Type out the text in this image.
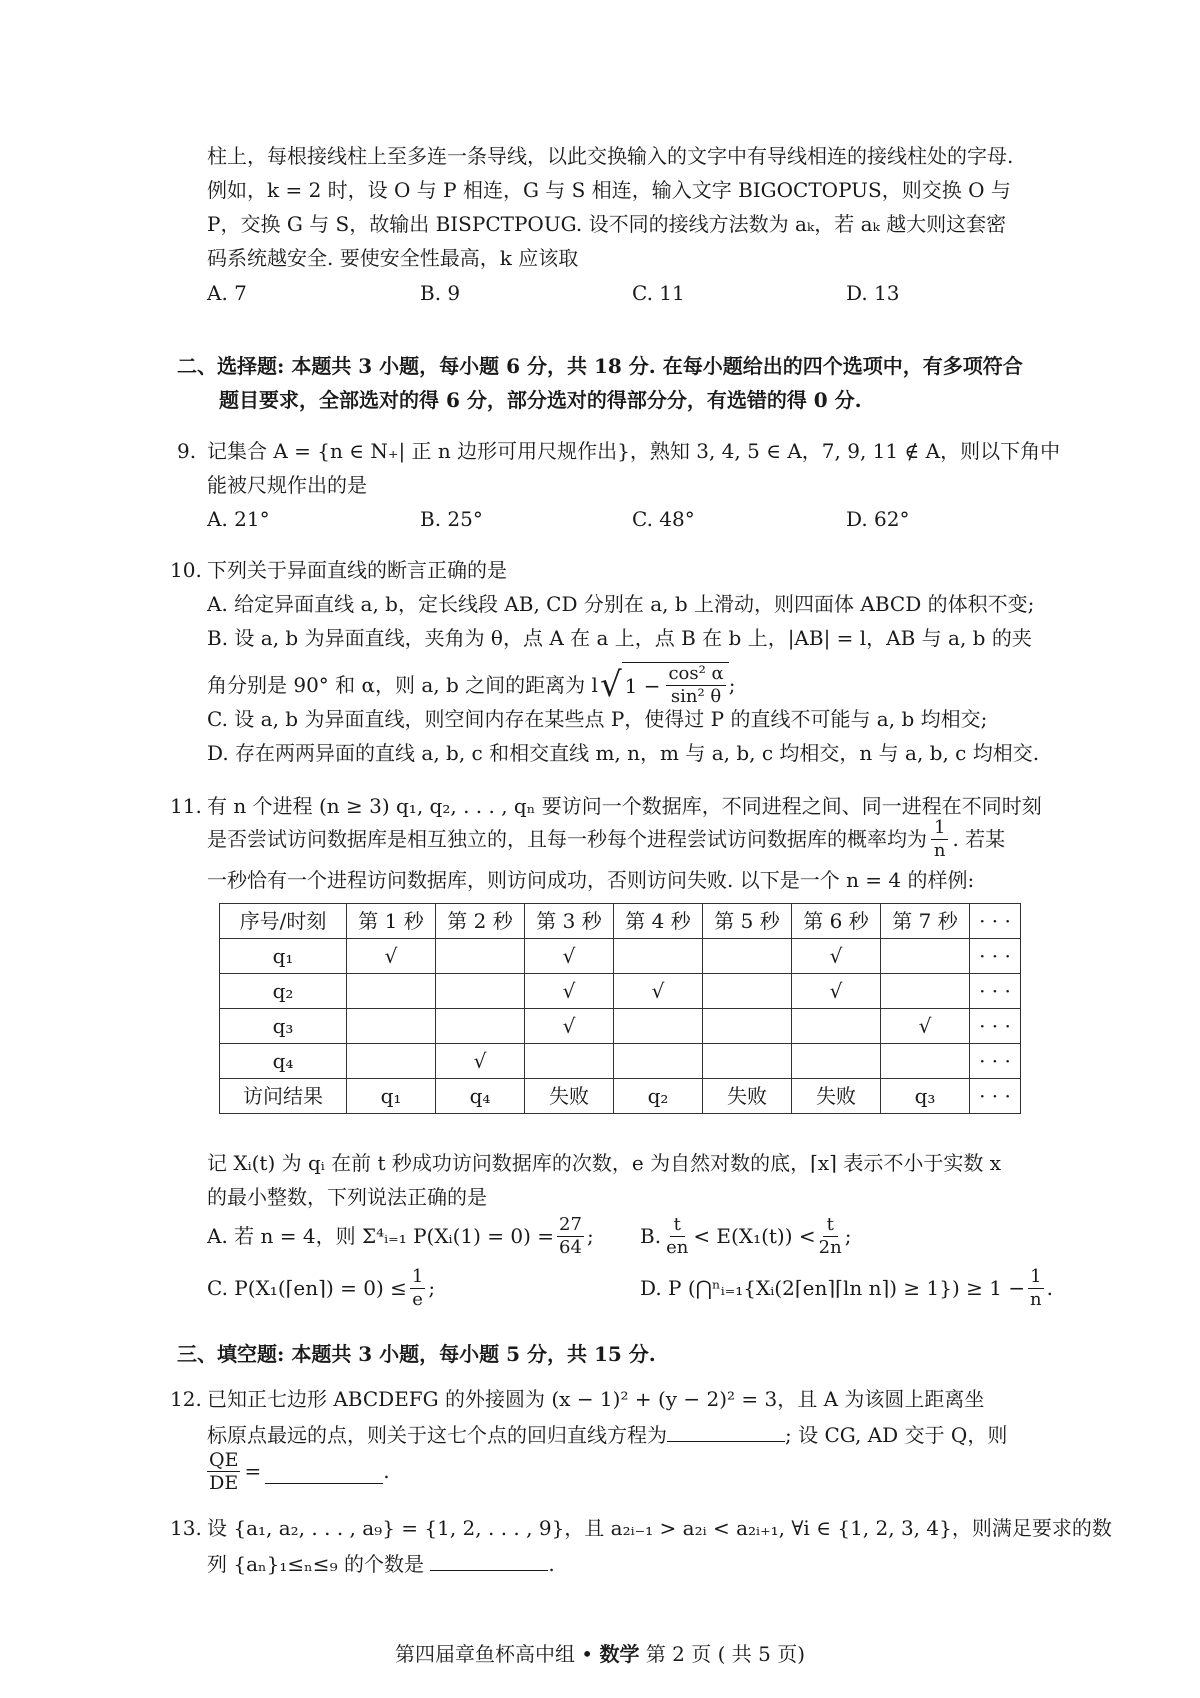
柱上，每根接线柱上至多连一条导线，以此交换输入的文字中有导线相连的接线柱处的字母.
例如，k = 2 时，设 O 与 P 相连，G 与 S 相连，输入文字 BIGOCTOPUS，则交换 O 与
P，交换 G 与 S，故输出 BISPCTPOUG. 设不同的接线方法数为 aₖ，若 aₖ 越大则这套密
码系统越安全. 要使安全性最高，k 应该取
A. 7	B. 9	C. 11	D. 13
二、选择题: 本题共 3 小题，每小题 6 分，共 18 分. 在每小题给出的四个选项中，有多项符合
题目要求，全部选对的得 6 分，部分选对的得部分分，有选错的得 0 分.
9. 记集合 A = {n ∈ N₊| 正 n 边形可用尺规作出}，熟知 3, 4, 5 ∈ A，7, 9, 11 ∉ A，则以下角中
能被尺规作出的是
A. 21°	B. 25°	C. 48°	D. 62°
10. 下列关于异面直线的断言正确的是
A. 给定异面直线 a, b，定长线段 AB, CD 分别在 a, b 上滑动，则四面体 ABCD 的体积不变;
B. 设 a, b 为异面直线，夹角为 θ，点 A 在 a 上，点 B 在 b 上，|AB| = l，AB 与 a, b 的夹
角分别是 90° 和 α，则 a, b 之间的距离为 l √ $1 - \frac{\text{cos² α}}{\text{sin² θ}}$ ;
C. 设 a, b 为异面直线，则空间内存在某些点 P，使得过 P 的直线不可能与 a, b 均相交;
D. 存在两两异面的直线 a, b, c 和相交直线 m, n，m 与 a, b, c 均相交，n 与 a, b, c 均相交.
11. 有 n 个进程 (n ≥ 3) q₁, q₂, . . . , qₙ 要访问一个数据库，不同进程之间、同一进程在不同时刻
是否尝试访问数据库是相互独立的，且每一秒每个进程尝试访问数据库的概率均为 $\frac{1}{n}$ . 若某
一秒恰有一个进程访问数据库，则访问成功，否则访问失败. 以下是一个 n = 4 的样例:
序号/时刻	第 1 秒	第 2 秒	第 3 秒	第 4 秒	第 5 秒	第 6 秒	第 7 秒	· · ·
q₁	√		√			√		· · ·
q₂			√	√		√		· · ·
q₃			√				√	· · ·
q₄		√						· · ·
访问结果	q₁	q₄	失败	q₂	失败	失败	q₃	· · ·
记 Xᵢ(t) 为 qᵢ 在前 t 秒成功访问数据库的次数，e 为自然对数的底，⌈x⌉ 表示不小于实数 x
的最小整数，下列说法正确的是
A. 若 n = 4，则 Σ⁴ᵢ₌₁ P(Xᵢ(1) = $0) = \frac{27}{64}$ ; B. $\frac{t}{en} < E(X_1(t)) < \frac{t}{2n}$ ;
C. P(X₁(⌈en⌉) = $0) \le \frac{1}{e}$ ;	D. P (⋂ⁿᵢ₌₁{Xᵢ(2⌈en⌉⌈ln n⌉) ≥ $1\}) \ge 1 - \frac{1}{n}$ .
三、填空题: 本题共 3 小题，每小题 5 分，共 15 分.
12. 已知正七边形 ABCDEFG 的外接圆为 (x − 1)² + (y − 2)² = 3，且 A 为该圆上距离坐
标原点最远的点，则关于这七个点的回归直线方程为	; 设 CG, AD 交于 Q，则
$\frac{QE}{DE}$ =	.
13. 设 {a₁, a₂, . . . , a₉} = {1, 2, . . . , 9}，且 a₂ᵢ₋₁ > a₂ᵢ < a₂ᵢ₊₁, ∀i ∈ {1, 2, 3, 4}，则满足要求的数
列 {aₙ}₁≤ₙ≤₉ 的个数是	.
第四届章鱼杯高中组 • 数学 第 2 页 ( 共 5 页)
